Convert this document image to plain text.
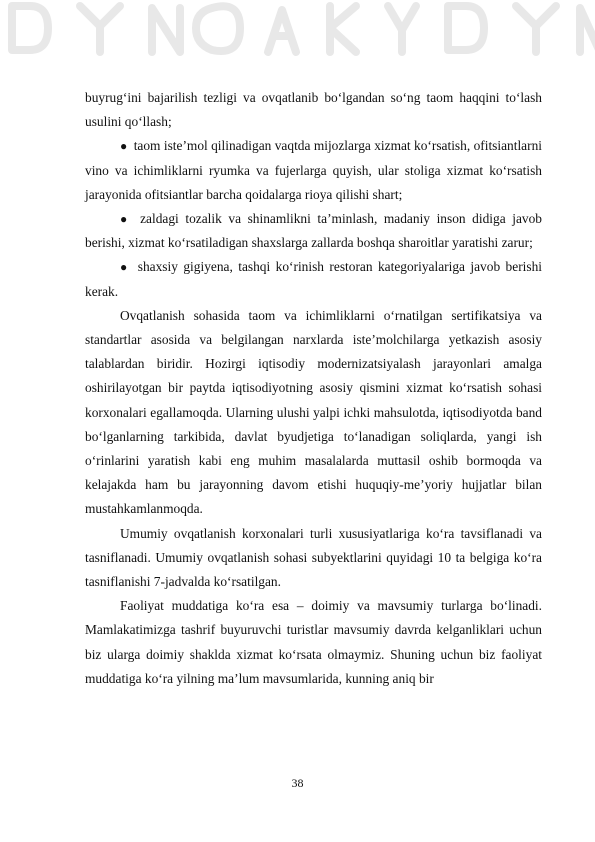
buyrug‘ini bajarilish tezligi va ovqatlanib bo‘lgandan so‘ng taom haqqini to‘lash usulini qo‘llash;

● taom iste’mol qilinadigan vaqtda mijozlarga xizmat ko‘rsatish, ofitsiantlarni vino va ichimliklarni ryumka va fujerlarga quyish, ular stoliga xizmat ko‘rsatish jarayonida ofitsiantlar barcha qoidalarga rioya qilishi shart;

● zaldagi tozalik va shinamlikni ta’minlash, madaniy inson didiga javob berishi, xizmat ko‘rsatiladigan shaxslarga zallarda boshqa sharoitlar yaratishi zarur;

● shaxsiy gigiyena, tashqi ko‘rinish restoran kategoriyalariga javob berishi kerak.

Ovqatlanish sohasida taom va ichimliklarni o‘rnatilgan sertifikatsiya va standartlar asosida va belgilangan narxlarda iste’molchilarga yetkazish asosiy talablardan biridir. Hozirgi iqtisodiy modernizatsiyalash jarayonlari amalga oshirilayotgan bir paytda iqtisodiyotning asosiy qismini xizmat ko‘rsatish sohasi korxonalari egallamoqda. Ularning ulushi yalpi ichki mahsulotda, iqtisodiyotda band bo‘lganlarning tarkibida, davlat byudjetiga to‘lanadigan soliqlarda, yangi ish o‘rinlarini yaratish kabi eng muhim masalalarda muttasil oshib bormoqda va kelajakda ham bu jarayonning davom etishi huquqiy-me’yoriy hujjatlar bilan mustahkamlanmoqda.

Umumiy ovqatlanish korxonalari turli xususiyatlariga ko‘ra tavsiflanadi va tasniflanadi. Umumiy ovqatlanish sohasi subyektlarini quyidagi 10 ta belgiga ko‘ra tasniflanishi 7-jadvalda ko‘rsatilgan.

Faoliyat muddatiga ko‘ra esa – doimiy va mavsumiy turlarga bo‘linadi. Mamlakatimizga tashrif buyuruvchi turistlar mavsumiy davrda kelganliklari uchun biz ularga doimiy shaklda xizmat ko‘rsata olmaymiz. Shuning uchun biz faoliyat muddatiga ko‘ra yilning ma’lum mavsumlarida, kunning aniq bir

38
